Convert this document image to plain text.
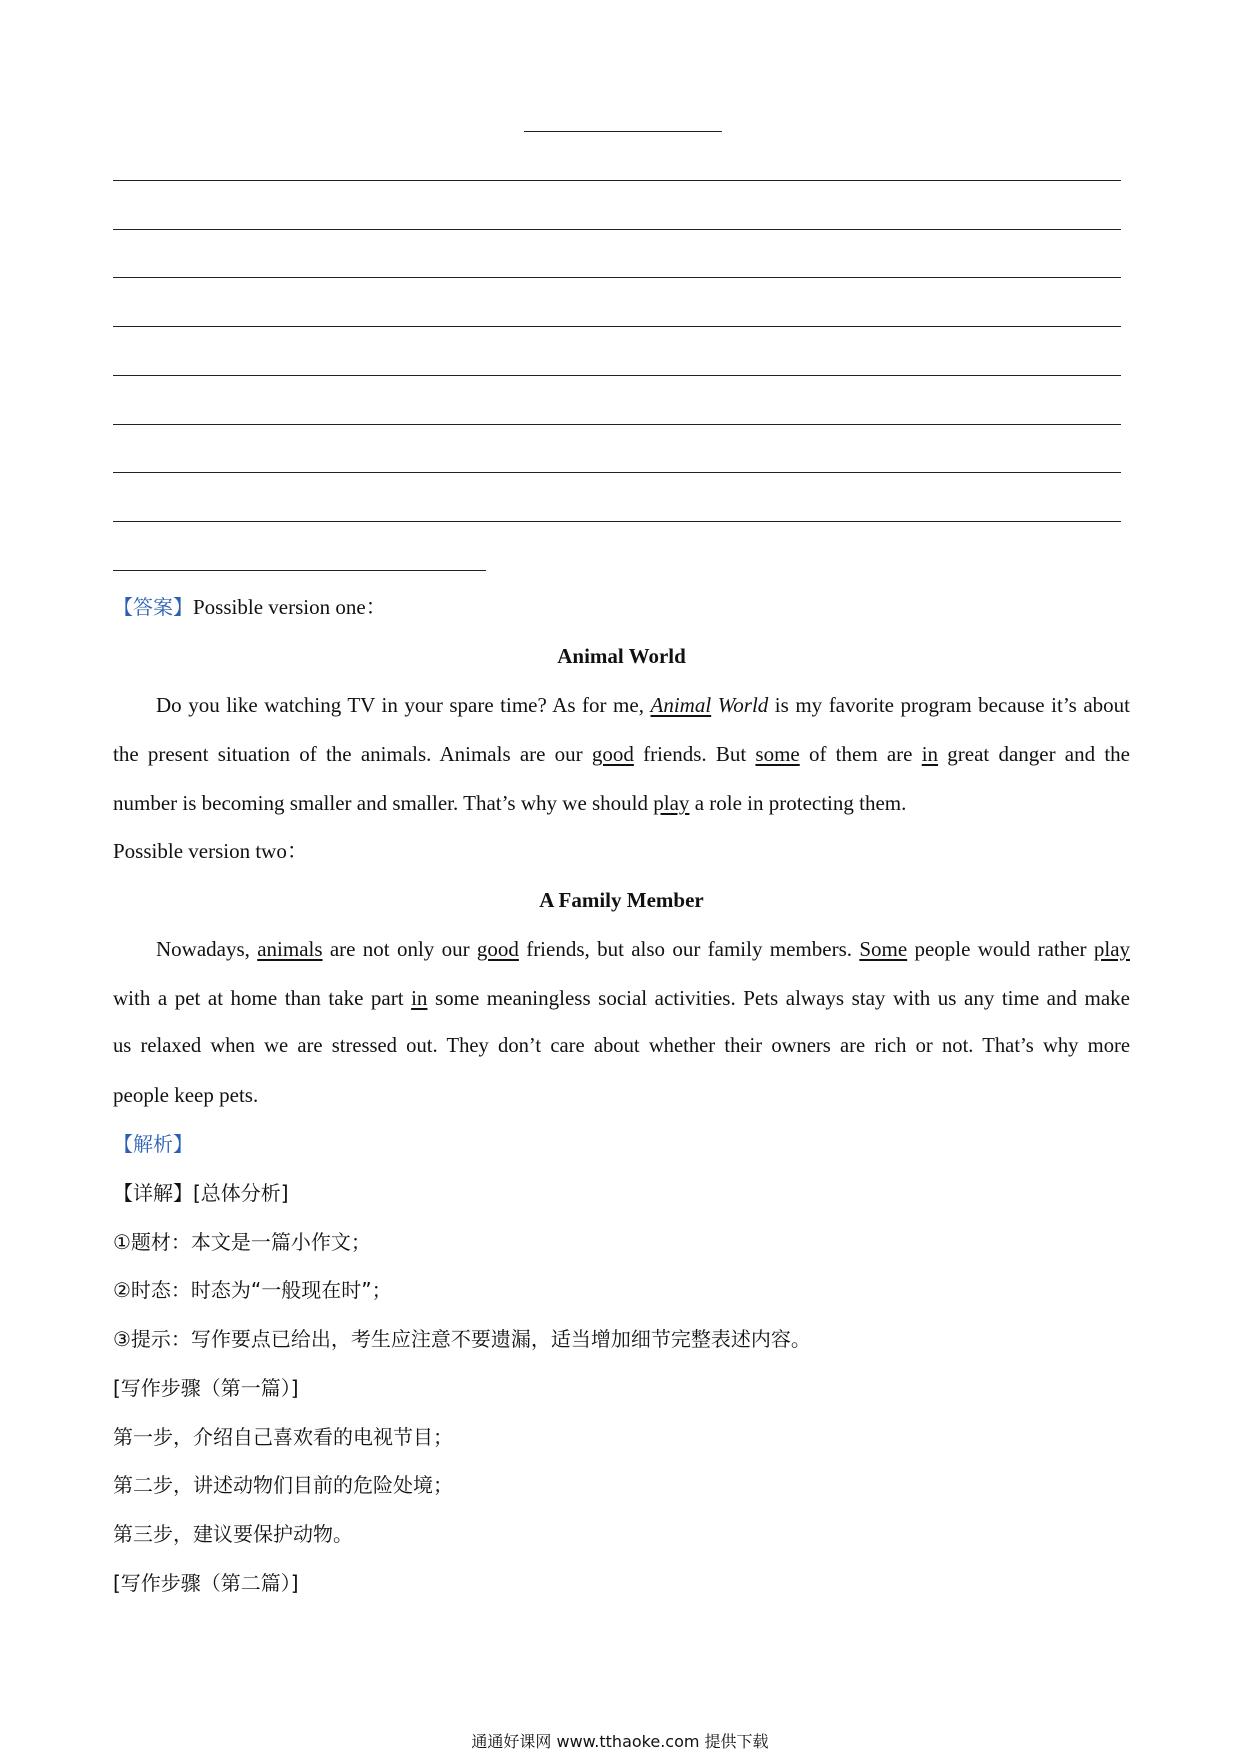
【答案】Possible version one：
Animal World
Do you like watching TV in your spare time? As for me, Animal World is my favorite program because it’s about
the present situation of the animals. Animals are our good friends. But some of them are in great danger and the
number is becoming smaller and smaller. That’s why we should play a role in protecting them.
Possible version two：
A Family Member
Nowadays, animals are not only our good friends, but also our family members. Some people would rather play
with a pet at home than take part in some meaningless social activities. Pets always stay with us any time and make
us relaxed when we are stressed out. They don’t care about whether their owners are rich or not. That’s why more
people keep pets.
【解析】
【详解】[总体分析]
①题材：本文是一篇小作文；
②时态：时态为“一般现在时”；
③提示：写作要点已给出，考生应注意不要遗漏，适当增加细节完整表述内容。
[写作步骤（第一篇）]
第一步，介绍自己喜欢看的电视节目；
第二步，讲述动物们目前的危险处境；
第三步，建议要保护动物。
[写作步骤（第二篇）]
通通好课网 www.tthaoke.com 提供下载
